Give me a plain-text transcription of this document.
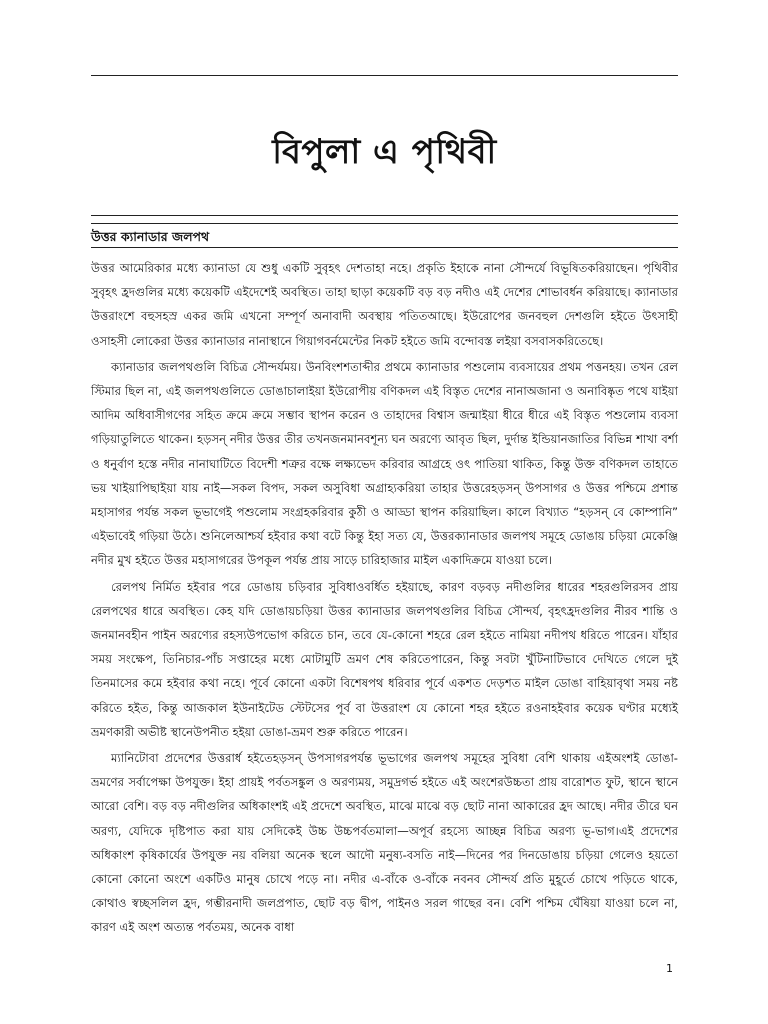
বিপুলা এ পৃথিবী
উত্তর ক্যানাডার জলপথ

উত্তর আমেরিকার মধ্যে ক্যানাডা যে শুধু একটি সুবৃহৎ দেশতাহা নহে। প্রকৃতি ইহাকে নানা সৌন্দর্যে বিভূষিতকরিয়াছেন। পৃথিবীর সুবৃহৎ হ্রদগুলির মধ্যে কয়েকটি এইদেশেই অবস্থিত। তাহা ছাড়া কয়েকটি বড় বড় নদীও এই দেশের শোভাবর্ধন করিয়াছে। ক্যানাডার উত্তরাংশে বহুসহস্র একর জমি এখনো সম্পূর্ণ অনাবাদী অবস্থায় পতিতআছে। ইউরোপের জনবহুল দেশগুলি হইতে উৎসাহী ওসাহসী লোকেরা উত্তর ক্যানাডার নানাস্থানে গিয়াগবর্নমেন্টের নিকট হইতে জমি বন্দোবস্ত লইয়া বসবাসকরিতেছে।

ক্যানাডার জলপথগুলি বিচিত্র সৌন্দর্যময়। উনবিংশশতাব্দীর প্রথমে ক্যানাডার পশুলোম ব্যবসায়ের প্রথম পত্তনহয়। তখন রেল স্টিমার ছিল না, এই জলপথগুলিতে ডোঙাচালাইয়া ইউরোপীয় বণিকদল এই বিস্তৃত দেশের নানাঅজানা ও অনাবিষ্কৃত পথে যাইয়া আদিম অধিবাসীগণের সহিত ক্রমে ক্রমে সম্ভাব স্থাপন করেন ও তাহাদের বিশ্বাস জন্মাইয়া ধীরে ধীরে এই বিস্তৃত পশুলোম ব্যবসা গড়িয়াতুলিতে থাকেন। হড়সন্‌ নদীর উত্তর তীর তখনজনমানবশূন্য ঘন অরণ্যে আবৃত ছিল, দুর্দান্ত ইন্ডিয়ানজাতির বিভিন্ন শাখা বর্শা ও ধনুর্বাণ হস্তে নদীর নানাঘাটিতে বিদেশী শত্রুর বক্ষে লক্ষ্যভেদ করিবার আগ্রহে ওৎ পাতিয়া থাকিত, কিন্তু উক্ত বণিকদল তাহাতে ভয় খাইয়াপিছাইয়া যায় নাই—সকল বিপদ, সকল অসুবিধা অগ্রাহ্যকরিয়া তাহার উত্তরেহড়সন্‌ উপসাগর ও উত্তর পশ্চিমে প্রশান্ত মহাসাগর পর্যন্ত সকল ভূভাগেই পশুলোম সংগ্রহকরিবার কুঠী ও আড্ডা স্থাপন করিয়াছিল। কালে বিখ্যাত “হড়সন্‌ বে কোম্পানি” এইভাবেই গড়িয়া উঠে। শুনিলেআশ্চর্য হইবার কথা বটে কিন্তু ইহা সত্য যে, উত্তরক্যানাডার জলপথ সমূহে ডোঙায় চড়িয়া মেকেঞ্জি নদীর মুখ হইতে উত্তর মহাসাগরের উপকূল পর্যন্ত প্রায় সাড়ে চারিহাজার মাইল একাদিক্রমে যাওয়া চলে।

রেলপথ নির্মিত হইবার পরে ডোঙায় চড়িবার সুবিধাওবর্ধিত হইয়াছে, কারণ বড়বড় নদীগুলির ধারের শহরগুলিরসব প্রায় রেলপথের ধারে অবস্থিত। কেহ যদি ডোঙায়চড়িয়া উত্তর ক্যানাডার জলপথগুলির বিচিত্র সৌন্দর্য, বৃহৎহ্রদগুলির নীরব শান্তি ও জনমানবহীন পাইন অরণ্যের রহস্যউপভোগ করিতে চান, তবে যে-কোনো শহরে রেল হইতে নামিয়া নদীপথ ধরিতে পারেন। যাঁহার সময় সংক্ষেপ, তিনিচার-পাঁচ সপ্তাহের মধ্যে মোটামুটি ভ্রমণ শেষ করিতেপারেন, কিন্তু সবটা খুঁটিনাটিভাবে দেখিতে গেলে দুই তিনমাসের কমে হইবার কথা নহে। পূর্বে কোনো একটা বিশেষপথ ধরিবার পূর্বে একশত দেড়শত মাইল ডোঙা বাহিয়াবৃথা সময় নষ্ট করিতে হইত, কিন্তু আজকাল ইউনাইটেড স্টেটসের পূর্ব বা উত্তরাংশ যে কোনো শহর হইতে রওনাহইবার কয়েক ঘণ্টার মধ্যেই ভ্রমণকারী অভীষ্ট স্থানেউপনীত হইয়া ডোঙা-ভ্রমণ শুরু করিতে পারেন।

ম্যানিটোবা প্রদেশের উত্তরার্ধ হইতেহড়সন্‌ উপসাগরপর্যন্ত ভূভাগের জলপথ সমূহের সুবিধা বেশি থাকায় এইঅংশই ডোঙা-ভ্রমণের সর্বাপেক্ষা উপযুক্ত। ইহা প্রায়ই পর্বতসঙ্কুল ও অরণ্যময়, সমুদ্রগর্ভ হইতে এই অংশেরউচ্চতা প্রায় বারোশত ফুট, স্থানে স্থানে আরো বেশি। বড় বড় নদীগুলির অধিকাংশই এই প্রদেশে অবস্থিত, মাঝে মাঝে বড় ছোট নানা আকারের হ্রদ আছে। নদীর তীরে ঘন অরণ্য, যেদিকে দৃষ্টিপাত করা যায় সেদিকেই উচ্চ উচ্চপর্বতমালা—অপূর্ব রহস্যে আচ্ছন্ন বিচিত্র অরণ্য ভূ-ভাগ।এই প্রদেশের অধিকাংশ কৃষিকার্যের উপযুক্ত নয় বলিয়া অনেক স্থলে আদৌ মনুষ্য-বসতি নাই—দিনের পর দিনডোঙায় চড়িয়া গেলেও হয়তো কোনো কোনো অংশে একটিও মানুষ চোখে পড়ে না। নদীর এ-বাঁকে ও-বাঁকে নবনব সৌন্দর্য প্রতি মুহূর্তে চোখে পড়িতে থাকে, কোথাও স্বচ্ছসলিল হ্রদ, গম্ভীরনাদী জলপ্রপাত, ছোট বড় দ্বীপ, পাইনও সরল গাছের বন। বেশি পশ্চিম ঘেঁষিয়া যাওয়া চলে না, কারণ এই অংশ অত্যন্ত পর্বতময়, অনেক বাধা

1
